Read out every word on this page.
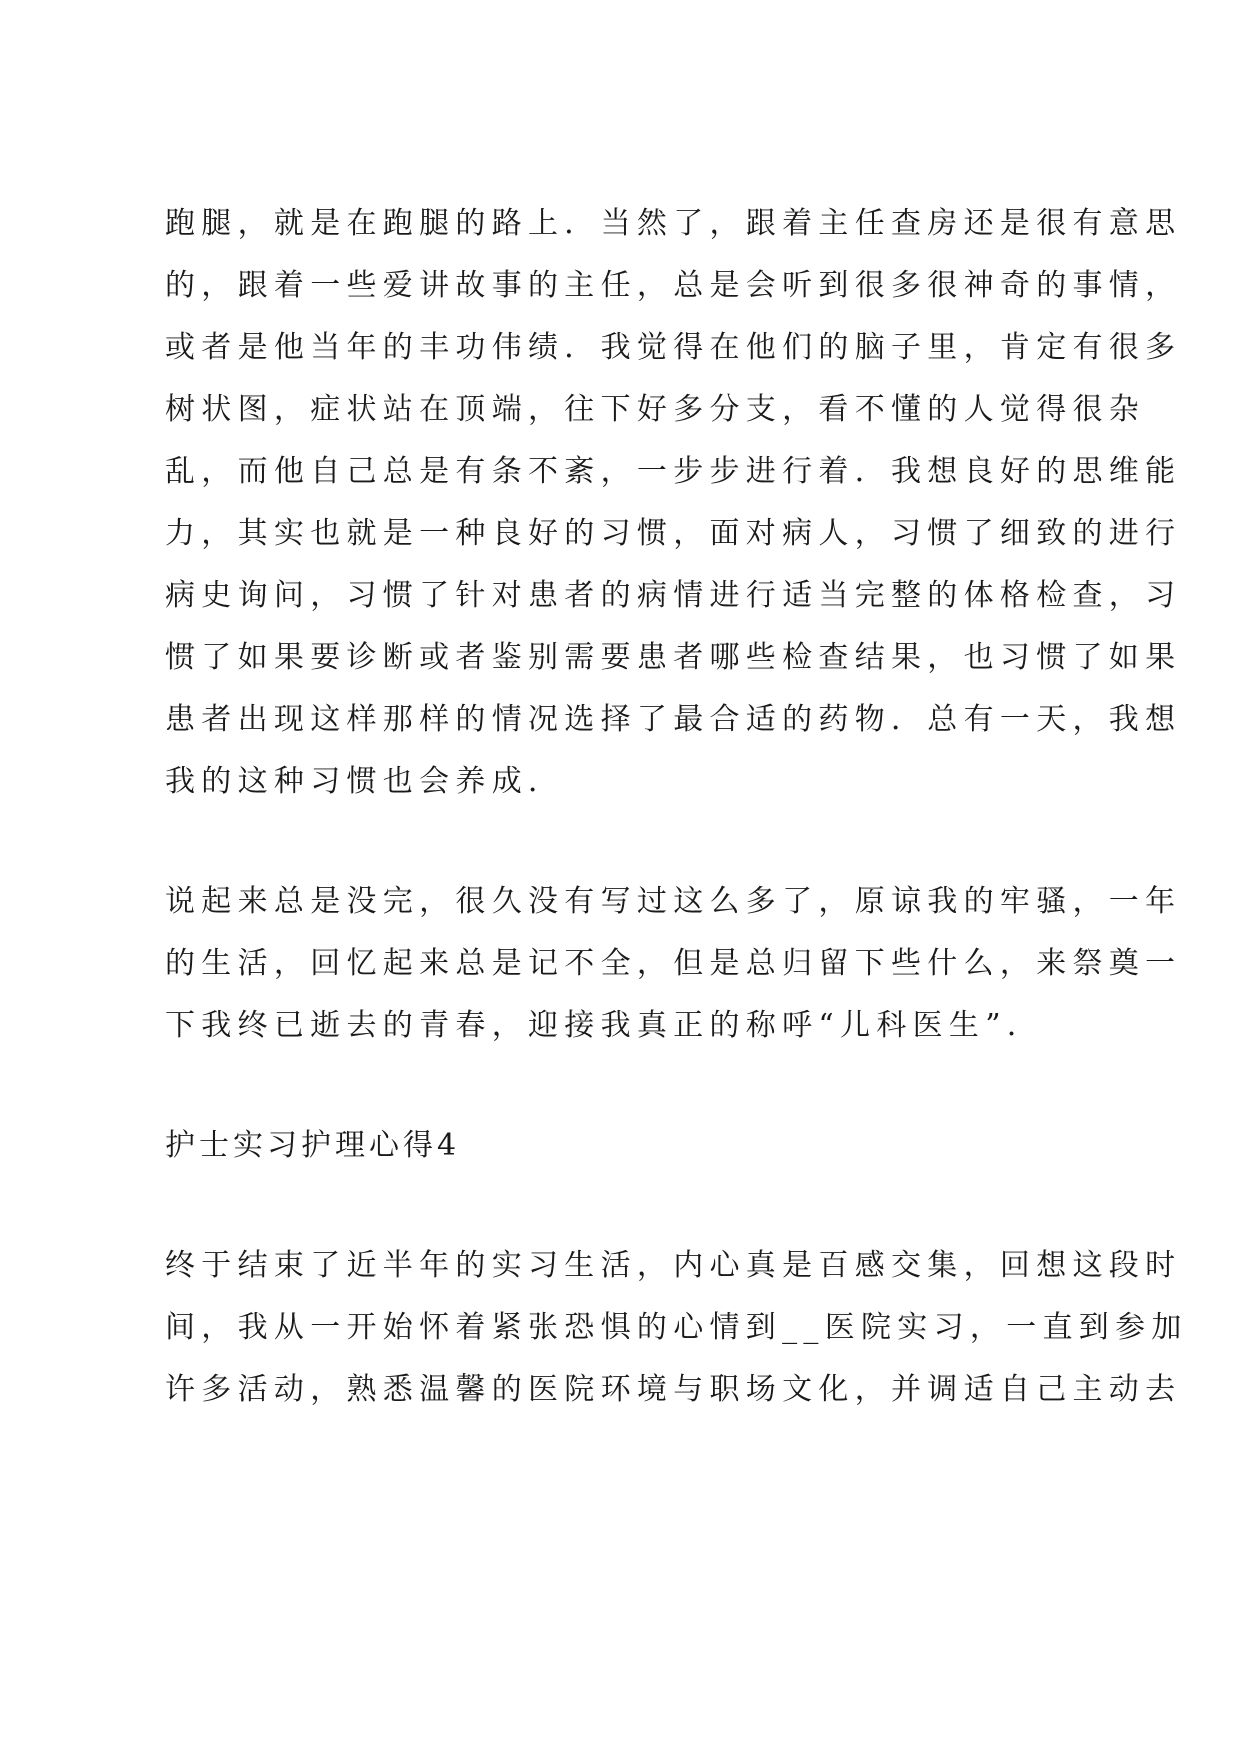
跑腿，就是在跑腿的路上．当然了，跟着主任查房还是很有意思

的，跟着一些爱讲故事的主任，总是会听到很多很神奇的事情，

或者是他当年的丰功伟绩．我觉得在他们的脑子里，肯定有很多

树状图，症状站在顶端，往下好多分支，看不懂的人觉得很杂

乱，而他自己总是有条不紊，一步步进行着．我想良好的思维能

力，其实也就是一种良好的习惯，面对病人，习惯了细致的进行

病史询问，习惯了针对患者的病情进行适当完整的体格检查，习

惯了如果要诊断或者鉴别需要患者哪些检查结果，也习惯了如果

患者出现这样那样的情况选择了最合适的药物．总有一天，我想

我的这种习惯也会养成．

说起来总是没完，很久没有写过这么多了，原谅我的牢骚，一年

的生活，回忆起来总是记不全，但是总归留下些什么，来祭奠一

下我终已逝去的青春，迎接我真正的称呼“儿科医生”．

护士实习护理心得4

终于结束了近半年的实习生活，内心真是百感交集，回想这段时

间，我从一开始怀着紧张恐惧的心情到__医院实习，一直到参加

许多活动，熟悉温馨的医院环境与职场文化，并调适自己主动去
